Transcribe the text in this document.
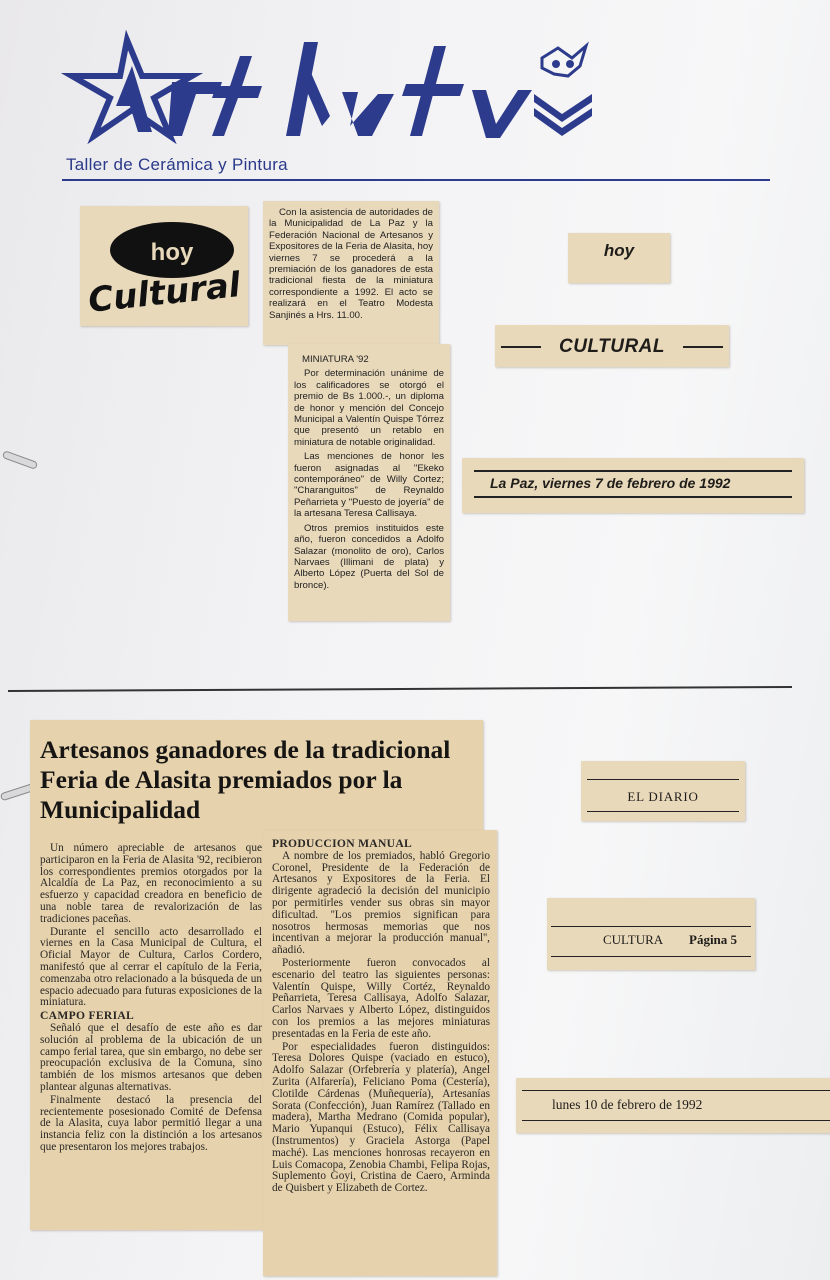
Taller de Cerámica y Pintura
hoy
Cultural

Con la asistencia de autoridades de la Municipalidad de La Paz y la Federación Nacional de Artesanos y Expositores de la Feria de Alasita, hoy viernes 7 se procederá a la premiación de los ganadores de esta tradicional fiesta de la miniatura correspondiente a 1992. El acto se realizará en el Teatro Modesta Sanjinés a Hrs. 11.00.

MINIATURA '92

Por determinación unánime de los calificadores se otorgó el premio de Bs 1.000.-, un diploma de honor y mención del Concejo Municipal a Valentín Quispe Tórrez que presentó un retablo en miniatura de notable originalidad.

Las menciones de honor les fueron asignadas al "Ekeko contemporáneo" de Willy Cortez; "Charanguitos" de Reynaldo Peñarrieta y "Puesto de joyería" de la artesana Teresa Callisaya.

Otros premios instituidos este año, fueron concedidos a Adolfo Salazar (monolito de oro), Carlos Narvaes (Illimani de plata) y Alberto López (Puerta del Sol de bronce).

hoy
CULTURAL
La Paz, viernes 7 de febrero de 1992
Artesanos ganadores de la tradicional Feria de Alasita premiados por la Municipalidad

Un número apreciable de artesanos que participaron en la Feria de Alasita '92, recibieron los correspondientes premios otorgados por la Alcaldía de La Paz, en reconocimiento a su esfuerzo y capacidad creadora en beneficio de una noble tarea de revalorización de las tradiciones paceñas.

Durante el sencillo acto desarrollado el viernes en la Casa Municipal de Cultura, el Oficial Mayor de Cultura, Carlos Cordero, manifestó que al cerrar el capítulo de la Feria, comenzaba otro relacionado a la búsqueda de un espacio adecuado para futuras exposiciones de la miniatura.

CAMPO FERIAL

Señaló que el desafío de este año es dar solución al problema de la ubicación de un campo ferial tarea, que sin embargo, no debe ser preocupación exclusiva de la Comuna, sino también de los mismos artesanos que deben plantear algunas alternativas.

Finalmente destacó la presencia del recientemente posesionado Comité de Defensa de la Alasita, cuya labor permitió llegar a una instancia feliz con la distinción a los artesanos que presentaron los mejores trabajos.

PRODUCCION MANUAL

A nombre de los premiados, habló Gregorio Coronel, Presidente de la Federación de Artesanos y Expositores de la Feria. El dirigente agradeció la decisión del municipio por permitirles vender sus obras sin mayor dificultad. ''Los premios significan para nosotros hermosas memorias que nos incentivan a mejorar la producción manual'', añadió.

Posteriormente fueron convocados al escenario del teatro las siguientes personas: Valentín Quispe, Willy Cortéz, Reynaldo Peñarrieta, Teresa Callisaya, Adolfo Salazar, Carlos Narvaes y Alberto López, distinguidos con los premios a las mejores miniaturas presentadas en la Feria de este año.

Por especialidades fueron distinguidos: Teresa Dolores Quispe (vaciado en estuco), Adolfo Salazar (Orfebrería y platería), Angel Zurita (Alfarería), Feliciano Poma (Cestería), Clotilde Cárdenas (Muñequería), Artesanías Sorata (Confección), Juan Ramírez (Tallado en madera), Martha Medrano (Comida popular), Mario Yupanqui (Estuco), Félix Callisaya (Instrumentos) y Graciela Astorga (Papel maché). Las menciones honrosas recayeron en Luis Comacopa, Zenobia Chambi, Felipa Rojas, Suplemento Goyi, Cristina de Caero, Arminda de Quisbert y Elizabeth de Cortez.

EL DIARIO
CULTURA Página 5
lunes 10 de febrero de 1992
